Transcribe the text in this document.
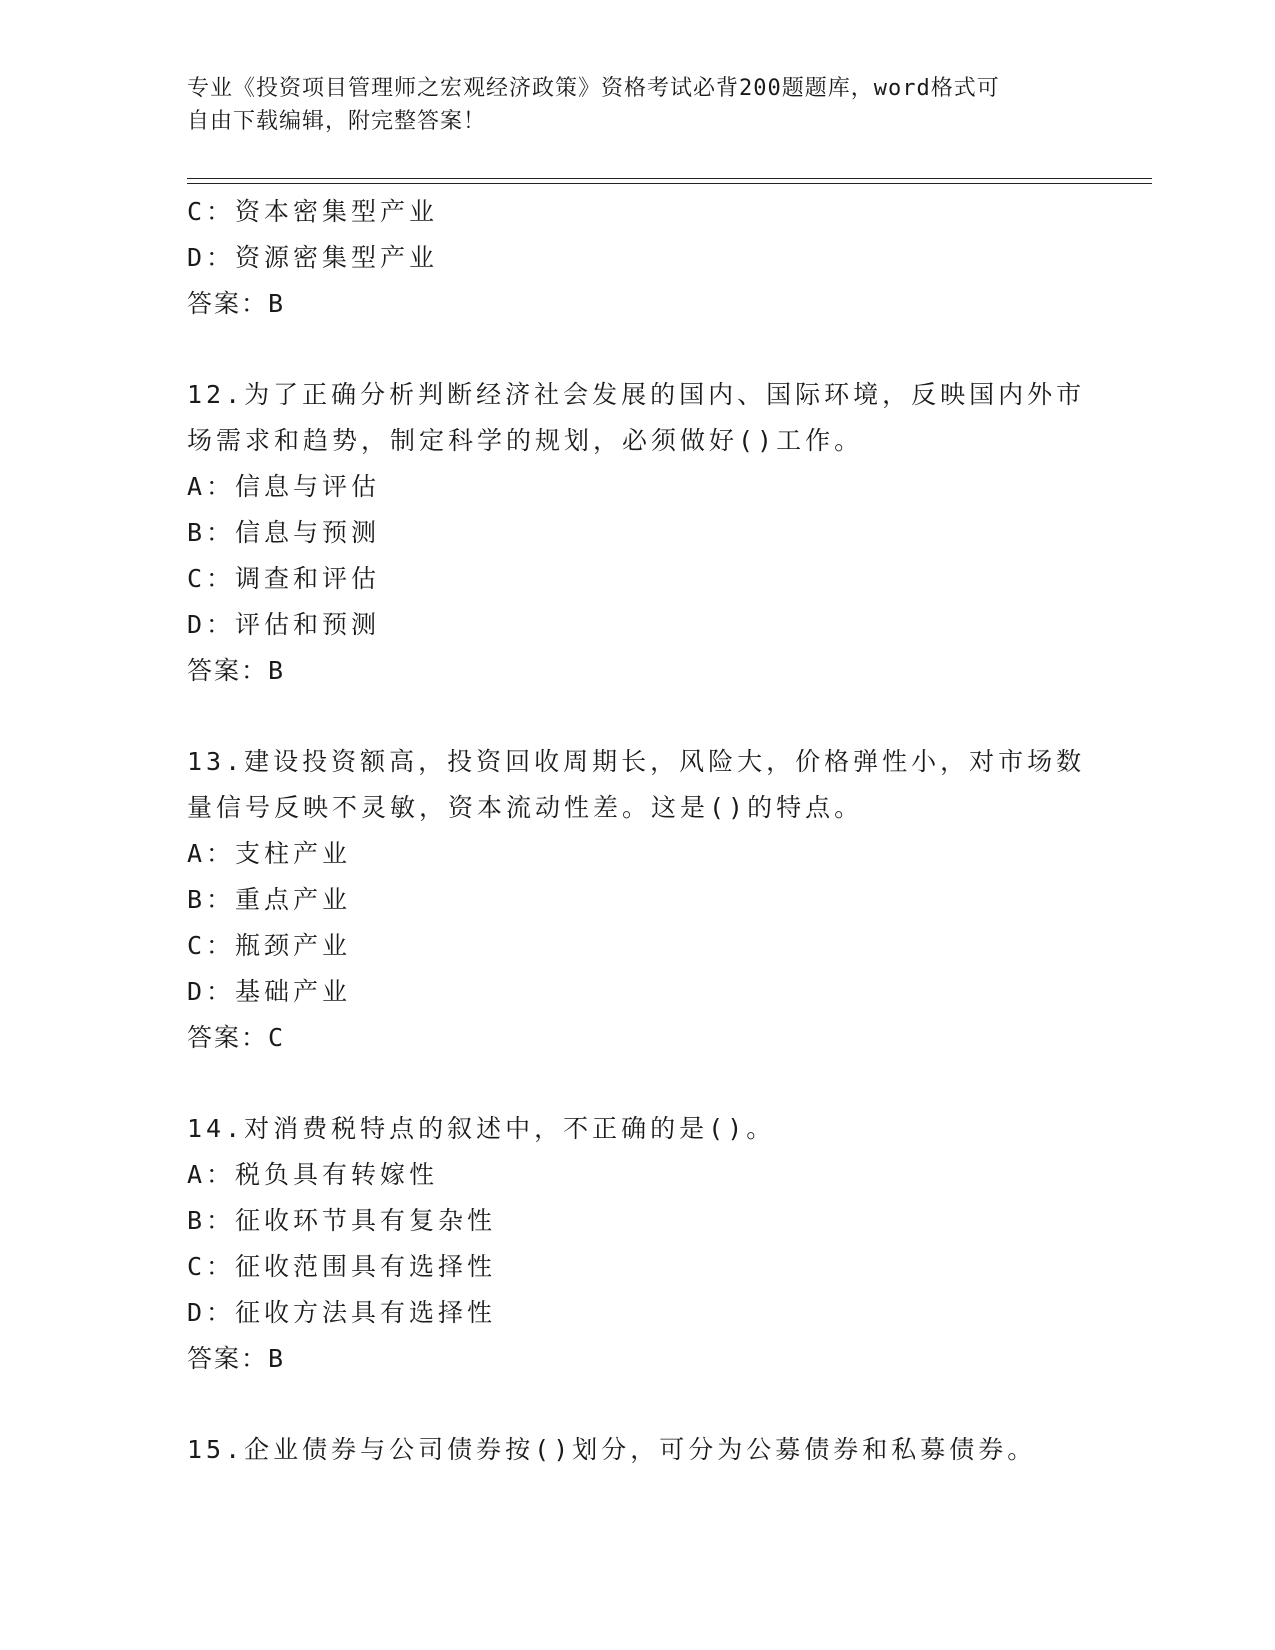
专业《投资项目管理师之宏观经济政策》资格考试必背200题题库，word格式可

自由下载编辑，附完整答案！

C：资本密集型产业

D：资源密集型产业

答案：B

12.为了正确分析判断经济社会发展的国内、国际环境，反映国内外市

场需求和趋势，制定科学的规划，必须做好()工作。

A：信息与评估

B：信息与预测

C：调查和评估

D：评估和预测

答案：B

13.建设投资额高，投资回收周期长，风险大，价格弹性小，对市场数

量信号反映不灵敏，资本流动性差。这是()的特点。

A：支柱产业

B：重点产业

C：瓶颈产业

D：基础产业

答案：C

14.对消费税特点的叙述中，不正确的是()。

A：税负具有转嫁性

B：征收环节具有复杂性

C：征收范围具有选择性

D：征收方法具有选择性

答案：B

15.企业债券与公司债券按()划分，可分为公募债券和私募债券。
